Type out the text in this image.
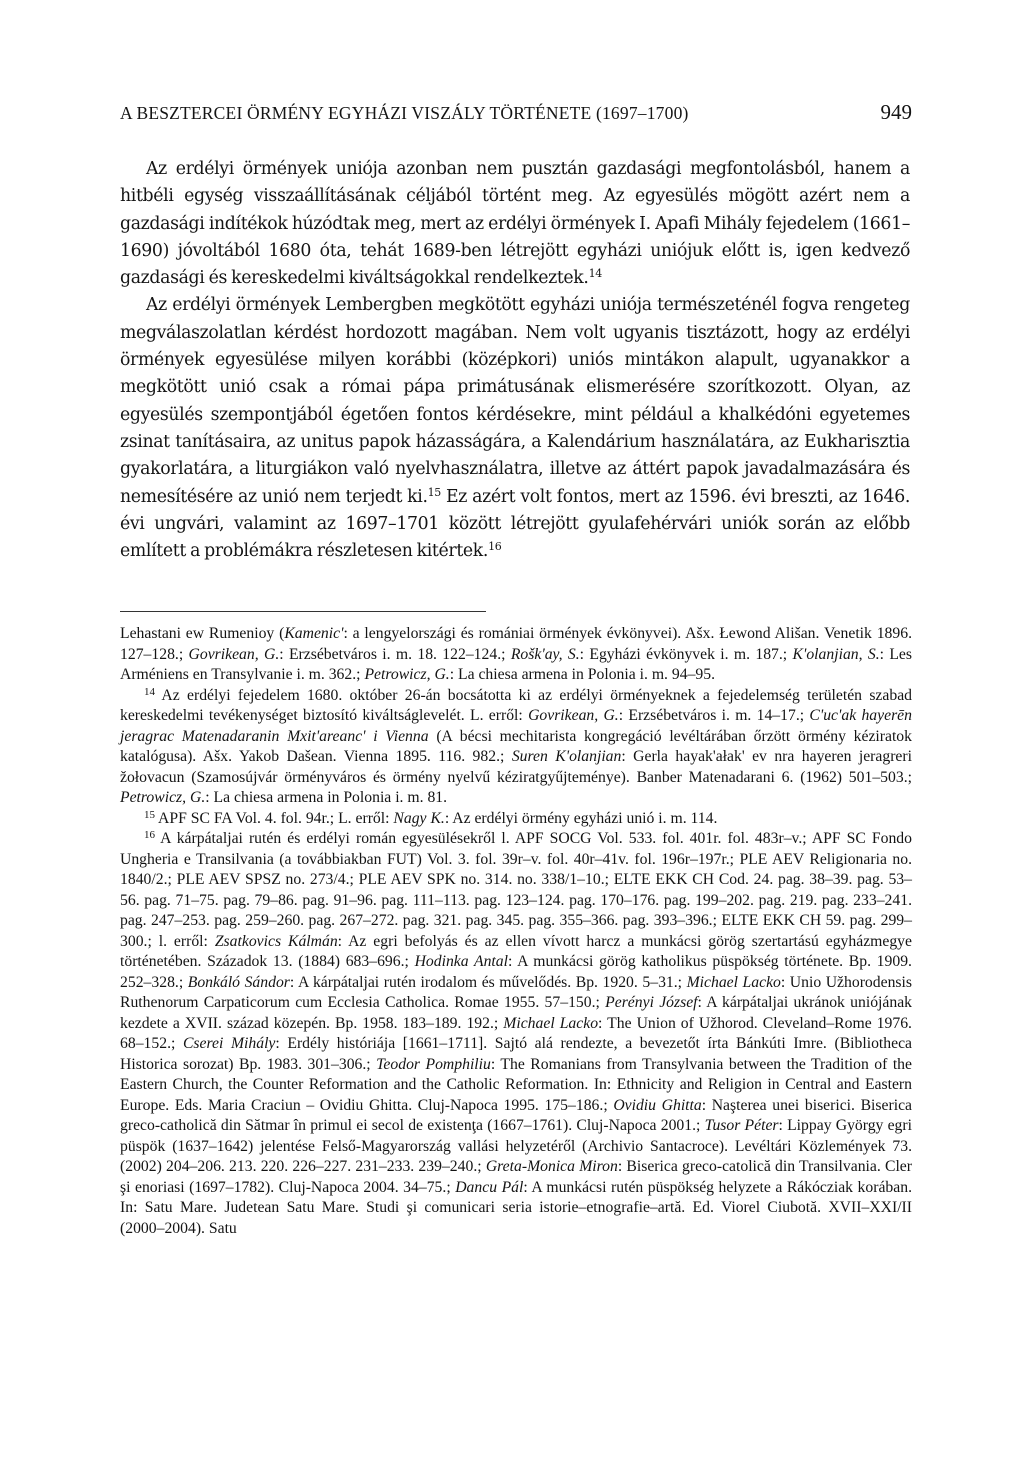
A BESZTERCEI ÖRMÉNY EGYHÁZI VISZÁLY TÖRTÉNETE (1697–1700)	949

Az erdélyi örmények uniója azonban nem pusztán gazdasági megfontolásból, hanem a hitbéli egység visszaállításának céljából történt meg. Az egyesülés mögött azért nem a gazdasági indítékok húzódtak meg, mert az erdélyi örmények I. Apafi Mihály fejedelem (1661–1690) jóvoltából 1680 óta, tehát 1689-ben létrejött egyházi uniójuk előtt is, igen kedvező gazdasági és kereskedelmi kiváltságokkal rendelkeztek.$^{14}$

Az erdélyi örmények Lembergben megkötött egyházi uniója természeténél fogva rengeteg megválaszolatlan kérdést hordozott magában. Nem volt ugyanis tisztázott, hogy az erdélyi örmények egyesülése milyen korábbi (középkori) uniós mintákon alapult, ugyanakkor a megkötött unió csak a római pápa primátusának elismerésére szorítkozott. Olyan, az egyesülés szempontjából égetően fontos kérdésekre, mint például a khalkédóni egyetemes zsinat tanításaira, az unitus papok házasságára, a Kalendárium használatára, az Eukharisztia gyakorlatára, a liturgiákon való nyelvhasználatra, illetve az áttért papok javadalmazására és nemesítésére az unió nem terjedt ki.$^{15}$ Ez azért volt fontos, mert az 1596. évi breszti, az 1646. évi ungvári, valamint az 1697–1701 között létrejött gyulafehérvári uniók során az előbb említett a problémákra részletesen kitértek.$^{16}$

Lehastani ew Rumenioy (Kamenic': a lengyelországi és romániai örmények évkönyvei). Ašx. Łewond Ališan. Venetik 1896. 127–128.; Govrikean, G.: Erzsébetváros i. m. 18. 122–124.; Rošk'ay, S.: Egyházi évkönyvek i. m. 187.; K'olanjian, S.: Les Arméniens en Transylvanie i. m. 362.; Petrowicz, G.: La chiesa armena in Polonia i. m. 94–95.

$^{14}$ Az erdélyi fejedelem 1680. október 26-án bocsátotta ki az erdélyi örményeknek a fejedelemség területén szabad kereskedelmi tevékenységet biztosító kiváltságlevelét. L. erről: Govrikean, G.: Erzsébetváros i. m. 14–17.; C'uc'ak hayerēn jeragrac Matenadaranin Mxit'areanc' i Vienna (A bécsi mechitarista kongregáció levéltárában őrzött örmény kéziratok katalógusa). Ašx. Yakob Dašean. Vienna 1895. 116. 982.; Suren K'olanjian: Gerla hayak'ałak' ev nra hayeren jeragreri žołovacun (Szamosújvár örményváros és örmény nyelvű kéziratgyűjteménye). Banber Matenadarani 6. (1962) 501–503.; Petrowicz, G.: La chiesa armena in Polonia i. m. 81.

$^{15}$ APF SC FA Vol. 4. fol. 94r.; L. erről: Nagy K.: Az erdélyi örmény egyházi unió i. m. 114.

$^{16}$ A kárpátaljai rutén és erdélyi román egyesülésekről l. APF SOCG Vol. 533. fol. 401r. fol. 483r–v.; APF SC Fondo Ungheria e Transilvania (a továbbiakban FUT) Vol. 3. fol. 39r–v. fol. 40r–41v. fol. 196r–197r.; PLE AEV Religionaria no. 1840/2.; PLE AEV SPSZ no. 273/4.; PLE AEV SPK no. 314. no. 338/1–10.; ELTE EKK CH Cod. 24. pag. 38–39. pag. 53–56. pag. 71–75. pag. 79–86. pag. 91–96. pag. 111–113. pag. 123–124. pag. 170–176. pag. 199–202. pag. 219. pag. 233–241. pag. 247–253. pag. 259–260. pag. 267–272. pag. 321. pag. 345. pag. 355–366. pag. 393–396.; ELTE EKK CH 59. pag. 299–300.; l. erről: Zsatkovics Kálmán: Az egri befolyás és az ellen vívott harcz a munkácsi görög szertartású egyházmegye történetében. Századok 13. (1884) 683–696.; Hodinka Antal: A munkácsi görög katholikus püspökség története. Bp. 1909. 252–328.; Bonkáló Sándor: A kárpátaljai rutén irodalom és művelődés. Bp. 1920. 5–31.; Michael Lacko: Unio Užhorodensis Ruthenorum Carpaticorum cum Ecclesia Catholica. Romae 1955. 57–150.; Perényi József: A kárpátaljai ukránok uniójának kezdete a XVII. század közepén. Bp. 1958. 183–189. 192.; Michael Lacko: The Union of Užhorod. Cleveland–Rome 1976. 68–152.; Cserei Mihály: Erdély históriája [1661–1711]. Sajtó alá rendezte, a bevezetőt írta Bánkúti Imre. (Bibliotheca Historica sorozat) Bp. 1983. 301–306.; Teodor Pomphiliu: The Romanians from Transylvania between the Tradition of the Eastern Church, the Counter Reformation and the Catholic Reformation. In: Ethnicity and Religion in Central and Eastern Europe. Eds. Maria Craciun – Ovidiu Ghitta. Cluj-Napoca 1995. 175–186.; Ovidiu Ghitta: Naşterea unei biserici. Biserica greco-catholică din Sătmar în primul ei secol de existenţa (1667–1761). Cluj-Napoca 2001.; Tusor Péter: Lippay György egri püspök (1637–1642) jelentése Felső-Magyarország vallási helyzetéről (Archivio Santacroce). Levéltári Közlemények 73. (2002) 204–206. 213. 220. 226–227. 231–233. 239–240.; Greta-Monica Miron: Biserica greco-catolică din Transilvania. Cler şi enoriasi (1697–1782). Cluj-Napoca 2004. 34–75.; Dancu Pál: A munkácsi rutén püspökség helyzete a Rákócziak korában. In: Satu Mare. Judetean Satu Mare. Studi şi comunicari seria istorie–etnografie–artă. Ed. Viorel Ciubotă. XVII–XXI/II (2000–2004). Satu
